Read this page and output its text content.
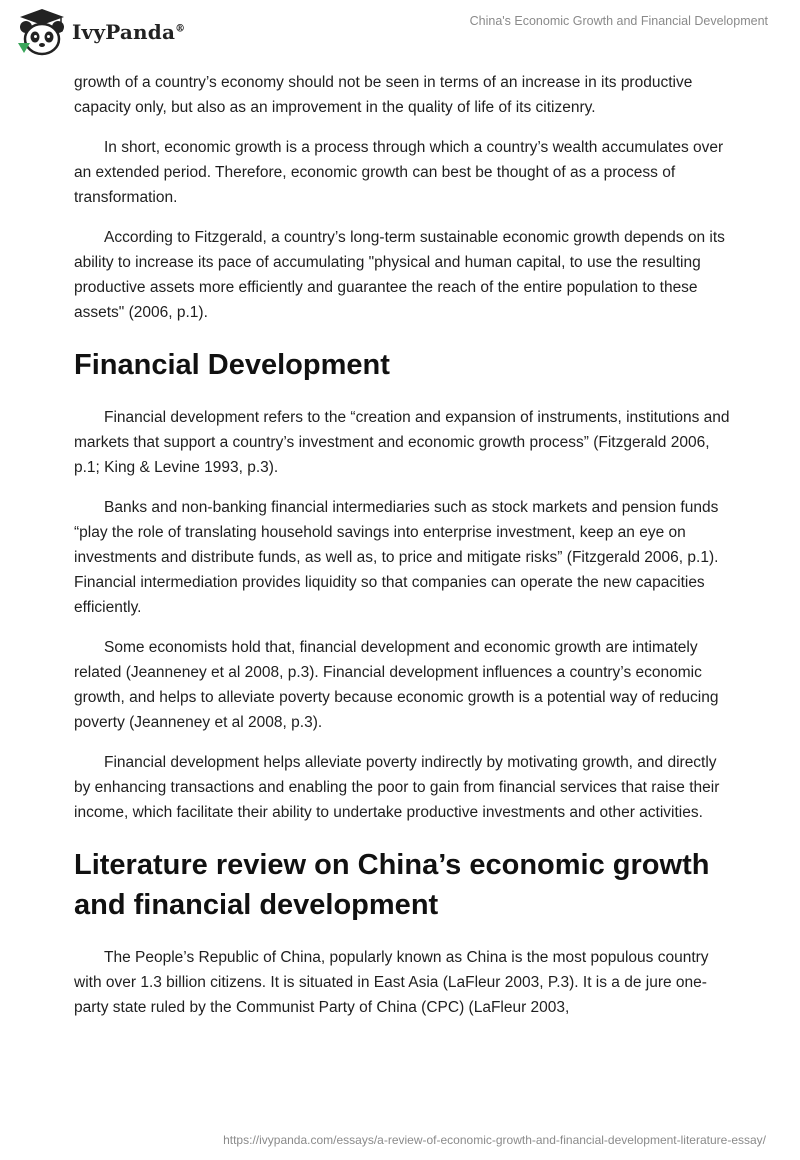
IvyPanda®
China's Economic Growth and Financial Development

growth of a country’s economy should not be seen in terms of an increase in its productive capacity only, but also as an improvement in the quality of life of its citizenry.

In short, economic growth is a process through which a country’s wealth accumulates over an extended period. Therefore, economic growth can best be thought of as a process of transformation.

According to Fitzgerald, a country’s long-term sustainable economic growth depends on its ability to increase its pace of accumulating "physical and human capital, to use the resulting productive assets more efficiently and guarantee the reach of the entire population to these assets" (2006, p.1).

Financial Development

Financial development refers to the “creation and expansion of instruments, institutions and markets that support a country’s investment and economic growth process” (Fitzgerald 2006, p.1; King & Levine 1993, p.3).

Banks and non-banking financial intermediaries such as stock markets and pension funds “play the role of translating household savings into enterprise investment, keep an eye on investments and distribute funds, as well as, to price and mitigate risks” (Fitzgerald 2006, p.1). Financial intermediation provides liquidity so that companies can operate the new capacities efficiently.

Some economists hold that, financial development and economic growth are intimately related (Jeanneney et al 2008, p.3). Financial development influences a country’s economic growth, and helps to alleviate poverty because economic growth is a potential way of reducing poverty (Jeanneney et al 2008, p.3).

Financial development helps alleviate poverty indirectly by motivating growth, and directly by enhancing transactions and enabling the poor to gain from financial services that raise their income, which facilitate their ability to undertake productive investments and other activities.

Literature review on China’s economic growth and financial development

The People’s Republic of China, popularly known as China is the most populous country with over 1.3 billion citizens. It is situated in East Asia (LaFleur 2003, P.3). It is a de jure one-party state ruled by the Communist Party of China (CPC) (LaFleur 2003,

https://ivypanda.com/essays/a-review-of-economic-growth-and-financial-development-literature-essay/
